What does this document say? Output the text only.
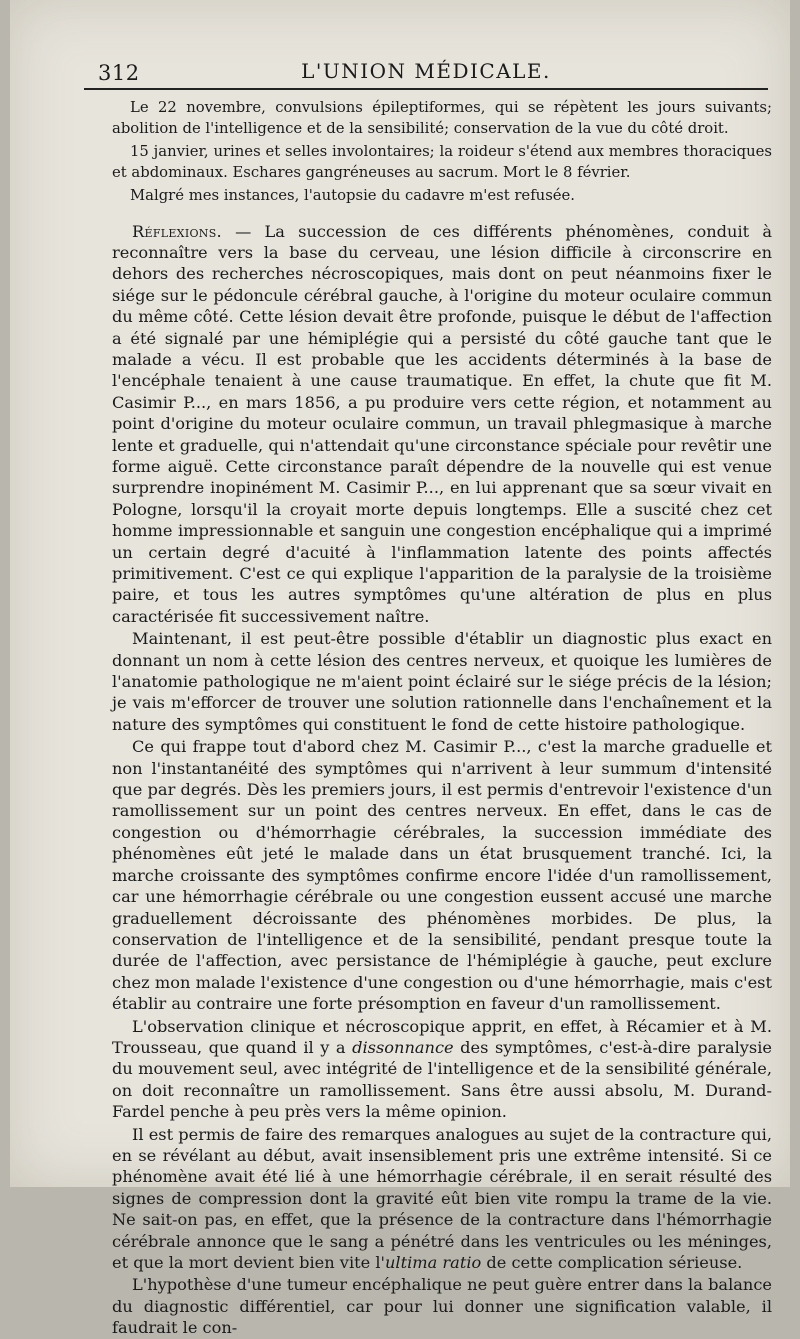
312	L'UNION MÉDICALE.

Le 22 novembre, convulsions épileptiformes, qui se répètent les jours suivants; abolition de l'intelligence et de la sensibilité; conservation de la vue du côté droit.

15 janvier, urines et selles involontaires; la roideur s'étend aux membres thoraciques et abdominaux. Eschares gangréneuses au sacrum. Mort le 8 février.

Malgré mes instances, l'autopsie du cadavre m'est refusée.

Réflexions. — La succession de ces différents phénomènes, conduit à reconnaître vers la base du cerveau, une lésion difficile à circonscrire en dehors des recherches nécroscopiques, mais dont on peut néanmoins fixer le siége sur le pédoncule cérébral gauche, à l'origine du moteur oculaire commun du même côté. Cette lésion devait être profonde, puisque le début de l'affection a été signalé par une hémiplégie qui a persisté du côté gauche tant que le malade a vécu. Il est probable que les accidents déterminés à la base de l'encéphale tenaient à une cause traumatique. En effet, la chute que fit M. Casimir P..., en mars 1856, a pu produire vers cette région, et notamment au point d'origine du moteur oculaire commun, un travail phlegmasique à marche lente et graduelle, qui n'attendait qu'une circonstance spéciale pour revêtir une forme aiguë. Cette circonstance paraît dépendre de la nouvelle qui est venue surprendre inopinément M. Casimir P..., en lui apprenant que sa sœur vivait en Pologne, lorsqu'il la croyait morte depuis longtemps. Elle a suscité chez cet homme impressionnable et sanguin une congestion encéphalique qui a imprimé un certain degré d'acuité à l'inflammation latente des points affectés primitivement. C'est ce qui explique l'apparition de la paralysie de la troisième paire, et tous les autres symptômes qu'une altération de plus en plus caractérisée fit successivement naître.

Maintenant, il est peut-être possible d'établir un diagnostic plus exact en donnant un nom à cette lésion des centres nerveux, et quoique les lumières de l'anatomie pathologique ne m'aient point éclairé sur le siége précis de la lésion; je vais m'efforcer de trouver une solution rationnelle dans l'enchaînement et la nature des symptômes qui constituent le fond de cette histoire pathologique.

Ce qui frappe tout d'abord chez M. Casimir P..., c'est la marche graduelle et non l'instantanéité des symptômes qui n'arrivent à leur summum d'intensité que par degrés. Dès les premiers jours, il est permis d'entrevoir l'existence d'un ramollissement sur un point des centres nerveux. En effet, dans le cas de congestion ou d'hémorrhagie cérébrales, la succession immédiate des phénomènes eût jeté le malade dans un état brusquement tranché. Ici, la marche croissante des symptômes confirme encore l'idée d'un ramollissement, car une hémorrhagie cérébrale ou une congestion eussent accusé une marche graduellement décroissante des phénomènes morbides. De plus, la conservation de l'intelligence et de la sensibilité, pendant presque toute la durée de l'affection, avec persistance de l'hémiplégie à gauche, peut exclure chez mon malade l'existence d'une congestion ou d'une hémorrhagie, mais c'est établir au contraire une forte présomption en faveur d'un ramollissement.

L'observation clinique et nécroscopique apprit, en effet, à Récamier et à M. Trousseau, que quand il y a dissonnance des symptômes, c'est-à-dire paralysie du mouvement seul, avec intégrité de l'intelligence et de la sensibilité générale, on doit reconnaître un ramollissement. Sans être aussi absolu, M. Durand-Fardel penche à peu près vers la même opinion.

Il est permis de faire des remarques analogues au sujet de la contracture qui, en se révélant au début, avait insensiblement pris une extrême intensité. Si ce phénomène avait été lié à une hémorrhagie cérébrale, il en serait résulté des signes de compression dont la gravité eût bien vite rompu la trame de la vie. Ne sait-on pas, en effet, que la présence de la contracture dans l'hémorrhagie cérébrale annonce que le sang a pénétré dans les ventricules ou les méninges, et que la mort devient bien vite l'ultima ratio de cette complication sérieuse.

L'hypothèse d'une tumeur encéphalique ne peut guère entrer dans la balance du diagnostic différentiel, car pour lui donner une signification valable, il faudrait le con-
